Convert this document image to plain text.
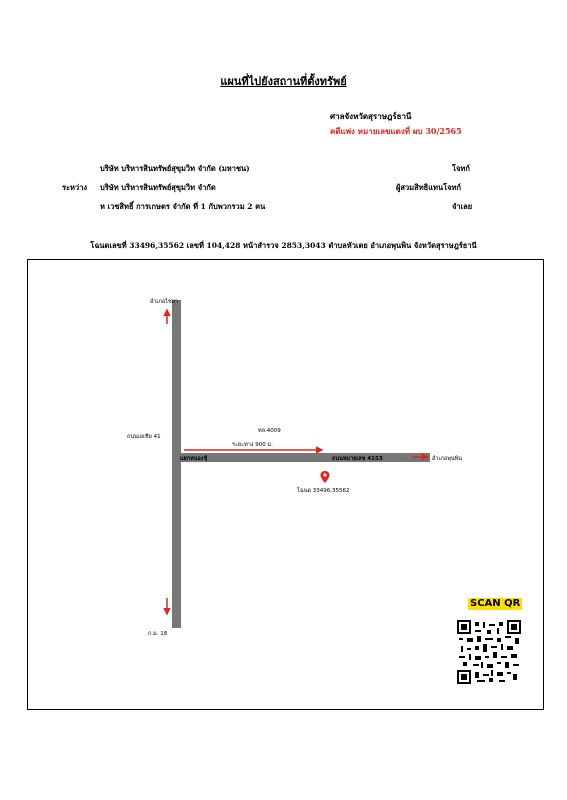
แผนที่ไปยังสถานที่ตั้งทรัพย์
ศาลจังหวัดสุราษฎร์ธานี
คดีแพ่ง หมายเลขแดงที่ ผบ 30/2565
บริษัท บริหารสินทรัพย์สุขุมวิท จำกัด (มหาชน)	โจทก์
ระหว่าง บริษัท บริหารสินทรัพย์สุขุมวิท จำกัด	ผู้สวมสิทธิแทนโจทก์
ห เวชสิทธิ์ การเกษตร จำกัด ที่ 1 กับพวกรวม 2 คน	จำเลย
โฉนดเลขที่ 33496,35562 เลขที่ 104,428 หน้าสำรวจ 2853,3043 ตำบลหัวเตย อำเภอพุนพิน จังหวัดสุราษฎร์ธานี
อำเภอไชยา
ถนนเอเชีย 41
ทล.4009
ระยะทาง 900 ม.
แยกหนองชุ้	ถนนหมายเลข 4153	อำเภอพุนพิน
โฉนด 33496,35562
ก.ม. 18
SCAN QR
